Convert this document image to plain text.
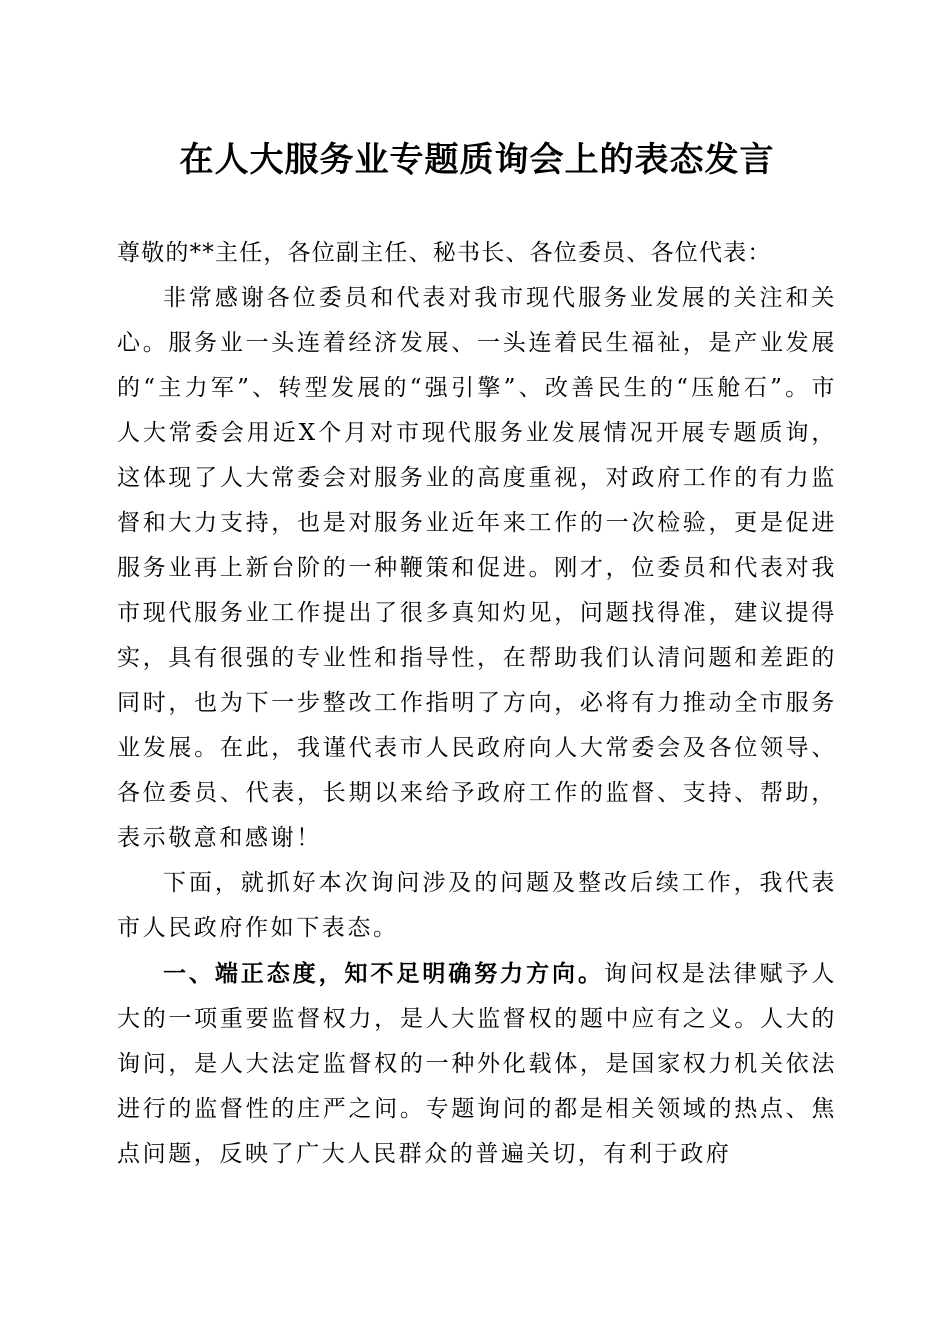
在人大服务业专题质询会上的表态发言

尊敬的**主任，各位副主任、秘书长、各位委员、各位代表：

非常感谢各位委员和代表对我市现代服务业发展的关注和关心。服务业一头连着经济发展、一头连着民生福祉，是产业发展的“主力军”、转型发展的“强引擎”、改善民生的“压舱石”。市人大常委会用近X个月对市现代服务业发展情况开展专题质询，这体现了人大常委会对服务业的高度重视，对政府工作的有力监督和大力支持，也是对服务业近年来工作的一次检验，更是促进服务业再上新台阶的一种鞭策和促进。刚才，位委员和代表对我市现代服务业工作提出了很多真知灼见，问题找得准，建议提得实，具有很强的专业性和指导性，在帮助我们认清问题和差距的同时，也为下一步整改工作指明了方向，必将有力推动全市服务业发展。在此，我谨代表市人民政府向人大常委会及各位领导、各位委员、代表，长期以来给予政府工作的监督、支持、帮助，表示敬意和感谢！

下面，就抓好本次询问涉及的问题及整改后续工作，我代表市人民政府作如下表态。

一、端正态度，知不足明确努力方向。询问权是法律赋予人大的一项重要监督权力，是人大监督权的题中应有之义。人大的询问，是人大法定监督权的一种外化载体，是国家权力机关依法进行的监督性的庄严之问。专题询问的都是相关领域的热点、焦点问题，反映了广大人民群众的普遍关切，有利于政府
